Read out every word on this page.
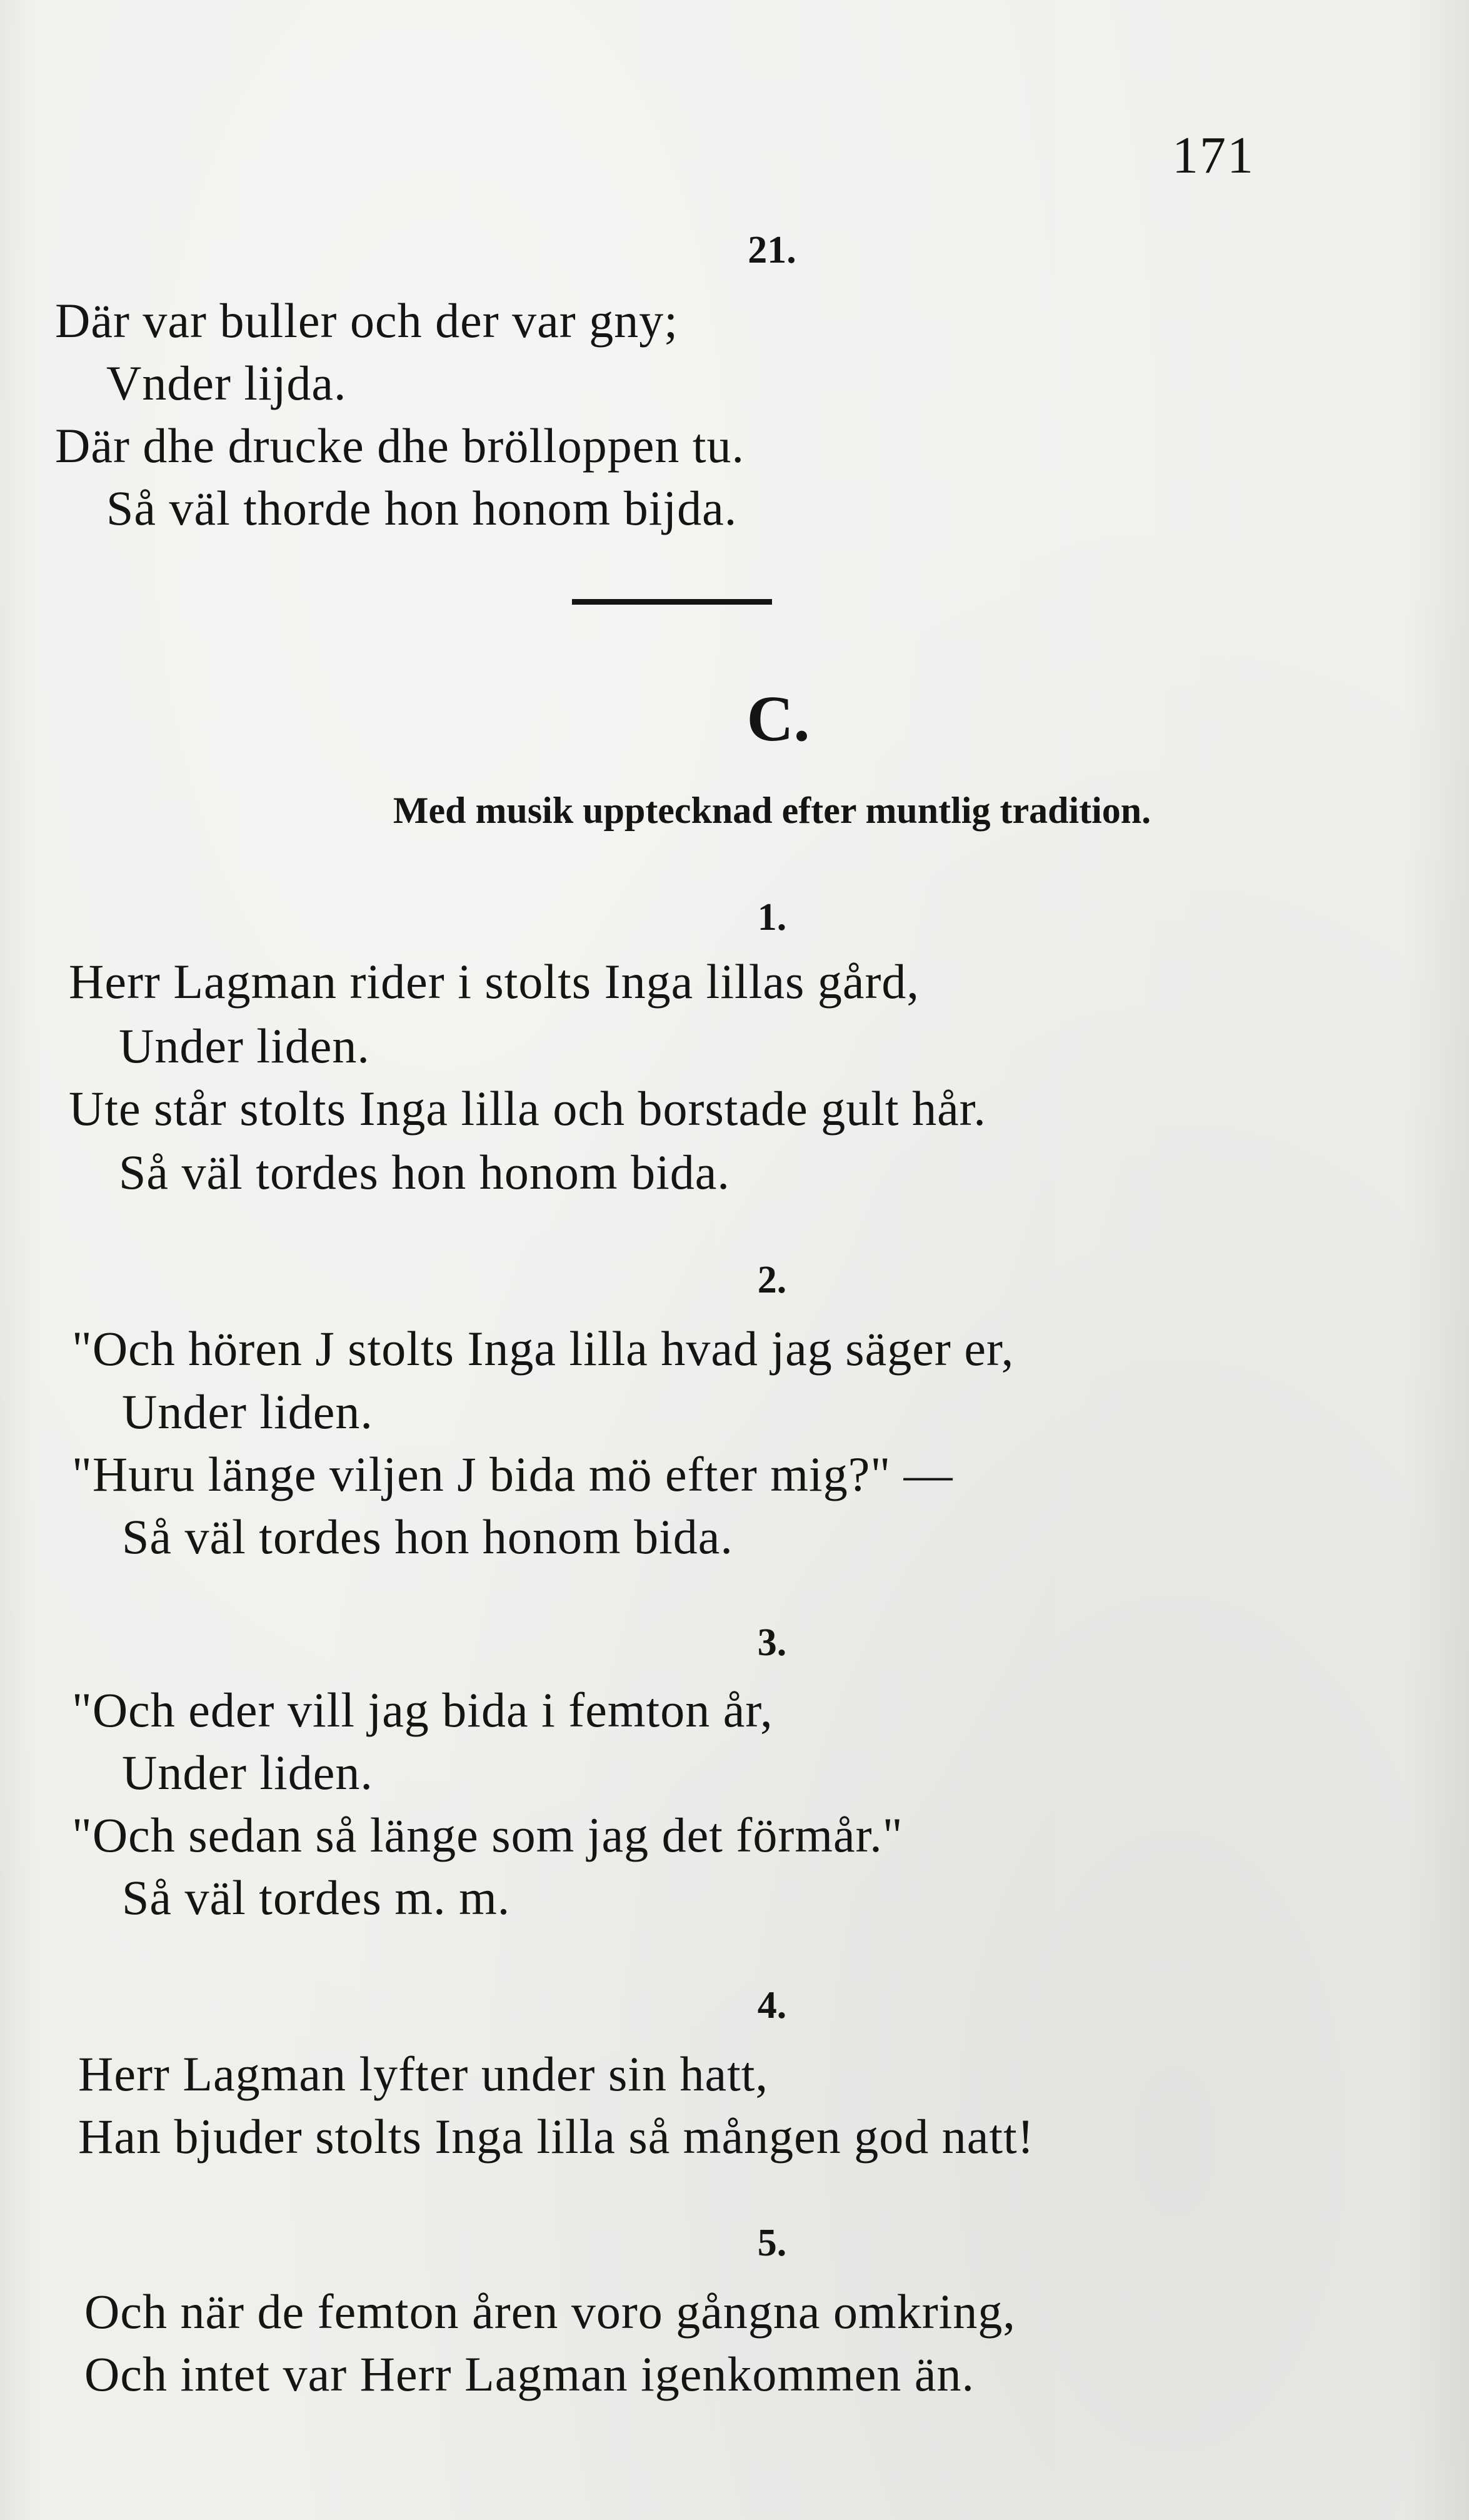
171
21.
Där var buller och der var gny;
Vnder lijda.
Där dhe drucke dhe brölloppen tu.
Så väl thorde hon honom bijda.
C.
Med musik upptecknad efter muntlig tradition.
1.
Herr Lagman rider i stolts Inga lillas gård,
Under liden.
Ute står stolts Inga lilla och borstade gult hår.
Så väl tordes hon honom bida.
2.
"Och hören J stolts Inga lilla hvad jag säger er,
Under liden.
"Huru länge viljen J bida mö efter mig?" —
Så väl tordes hon honom bida.
3.
"Och eder vill jag bida i femton år,
Under liden.
"Och sedan så länge som jag det förmår."
Så väl tordes m. m.
4.
Herr Lagman lyfter under sin hatt,
Han bjuder stolts Inga lilla så mången god natt!
5.
Och när de femton åren voro gångna omkring,
Och intet var Herr Lagman igenkommen än.
